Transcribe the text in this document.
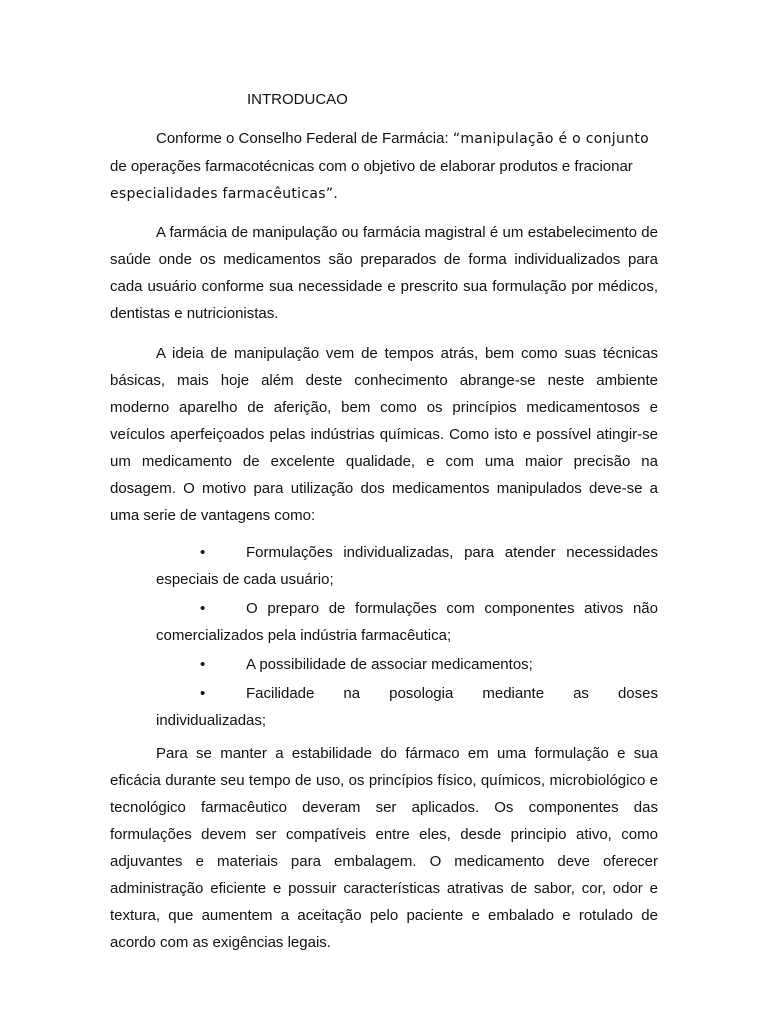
INTRODUCAO

Conforme o Conselho Federal de Farmácia: “manipulação é o conjunto de operações farmacotécnicas com o objetivo de elaborar produtos e fracionar especialidades farmacêuticas”.

A farmácia de manipulação ou farmácia magistral é um estabelecimento de saúde onde os medicamentos são preparados de forma individualizados para cada usuário conforme sua necessidade e prescrito sua formulação por médicos, dentistas e nutricionistas.

A ideia de manipulação vem de tempos atrás, bem como suas técnicas básicas, mais hoje além deste conhecimento abrange-se neste ambiente moderno aparelho de aferição, bem como os princípios medicamentosos e veículos aperfeiçoados pelas indústrias químicas. Como isto e possível atingir-se um medicamento de excelente qualidade, e com uma maior precisão na dosagem. O motivo para utilização dos medicamentos manipulados deve-se a uma serie de vantagens como:

•	Formulações individualizadas, para atender necessidades especiais de cada usuário;
•	O preparo de formulações com componentes ativos não comercializados pela indústria farmacêutica;
•	A possibilidade de associar medicamentos;
•	Facilidade na posologia mediante as doses
individualizadas;

Para se manter a estabilidade do fármaco em uma formulação e sua eficácia durante seu tempo de uso, os princípios físico, químicos, microbiológico e tecnológico farmacêutico deveram ser aplicados. Os componentes das formulações devem ser compatíveis entre eles, desde principio ativo, como adjuvantes e materiais para embalagem. O medicamento deve oferecer administração eficiente e possuir características atrativas de sabor, cor, odor e textura, que aumentem a aceitação pelo paciente e embalado e rotulado de acordo com as exigências legais.
